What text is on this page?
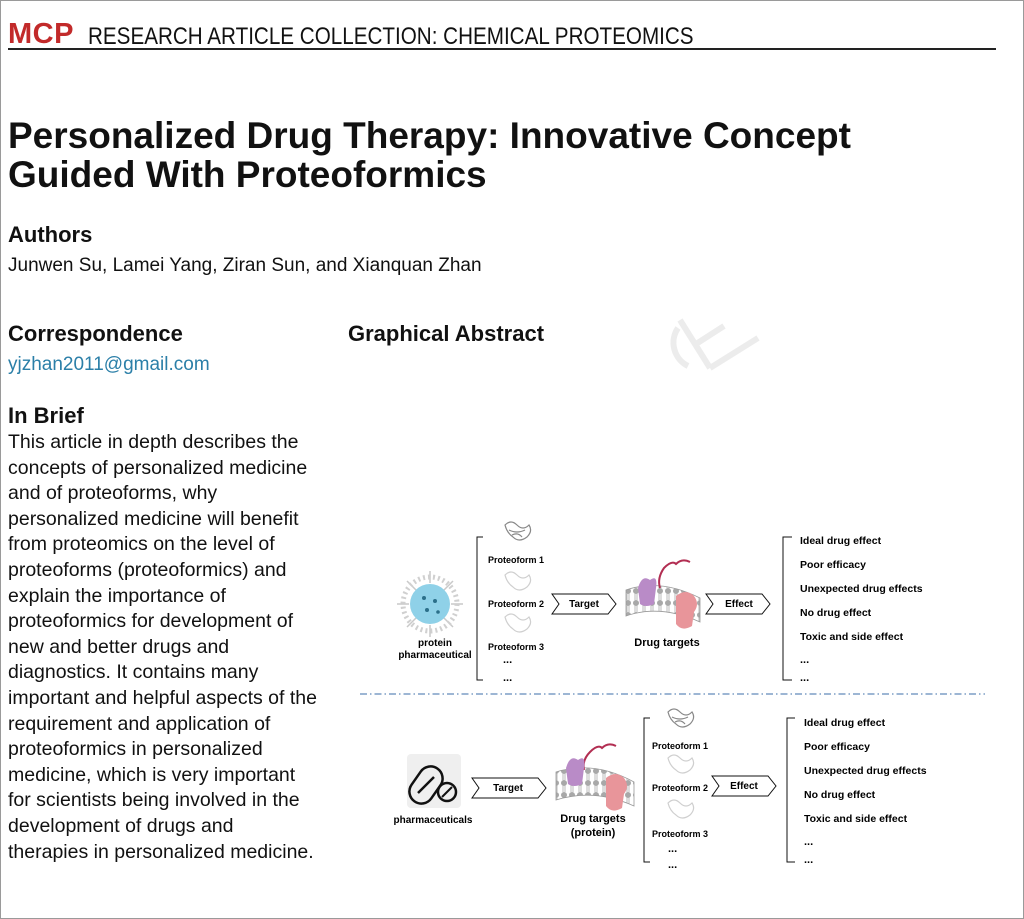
MCP RESEARCH ARTICLE COLLECTION: CHEMICAL PROTEOMICS
Personalized Drug Therapy: Innovative Concept Guided With Proteoformics
Authors
Junwen Su, Lamei Yang, Ziran Sun, and Xianquan Zhan
Correspondence
yjzhan2011@gmail.com
In Brief

This article in depth describes the concepts of personalized medicine and of proteoforms, why personalized medicine will benefit from proteomics on the level of proteoforms (proteoformics) and explain the importance of proteoformics for development of new and better drugs and diagnostics. It contains many important and helpful aspects of the requirement and application of proteoformics in personalized medicine, which is very important for scientists being involved in the development of drugs and therapies in personalized medicine.

Graphical Abstract
protein
pharmaceutical
Proteoform 1
Proteoform 2
Proteoform 3
...
...
Target
Drug targets
Effect
Ideal drug effect
Poor efficacy
Unexpected drug effects
No drug effect
Toxic and side effect
...
...
pharmaceuticals
Target
Drug targets
(protein)
Proteoform 1
Proteoform 2
Proteoform 3
...
...
Effect
Ideal drug effect
Poor efficacy
Unexpected drug effects
No drug effect
Toxic and side effect
...
...
